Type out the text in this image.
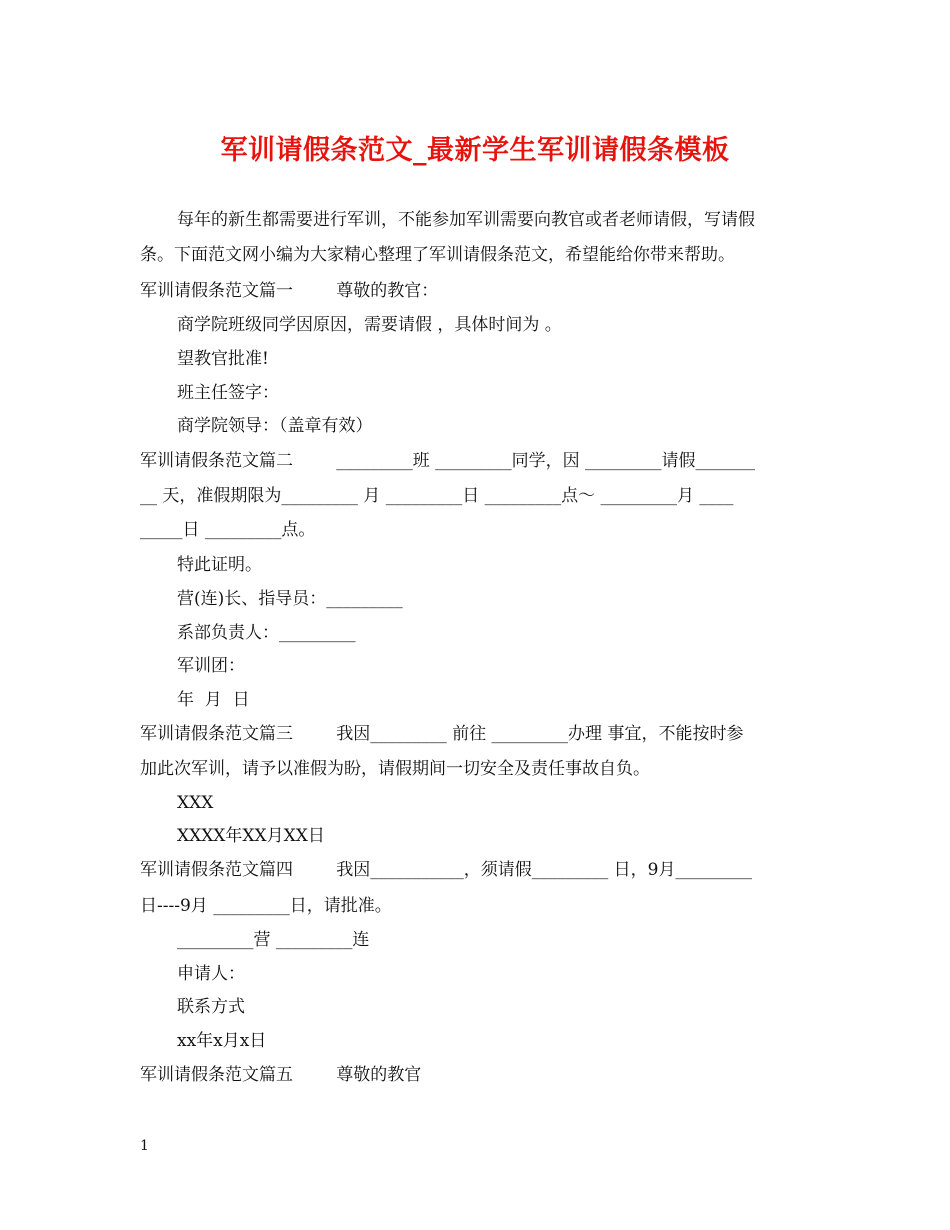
军训请假条范文_最新学生军训请假条模板
每年的新生都需要进行军训，不能参加军训需要向教官或者老师请假，写请假
条。下面范文网小编为大家精心整理了军训请假条范文，希望能给你带来帮助。
军训请假条范文篇一        尊敬的教官：
商学院班级同学因原因，需要请假 ，具体时间为 。
望教官批准!
班主任签字：
商学院领导：（盖章有效）
军训请假条范文篇二        _________班 _________同学，因 _________请假_______
__ 天，准假期限为_________ 月 _________日 _________点～ _________月 ____
_____日 _________点。
特此证明。
营(连)长、指导员：_________
系部负责人：_________
军训团：
年  月  日
军训请假条范文篇三        我因_________ 前往 _________办理 事宜，不能按时参
加此次军训，请予以准假为盼，请假期间一切安全及责任事故自负。
XXX
XXXX年XX月XX日
军训请假条范文篇四        我因___________，须请假_________ 日，9月_________
日----9月 _________日，请批准。
_________营 _________连
申请人：
联系方式
xx年x月x日
军训请假条范文篇五        尊敬的教官
1
